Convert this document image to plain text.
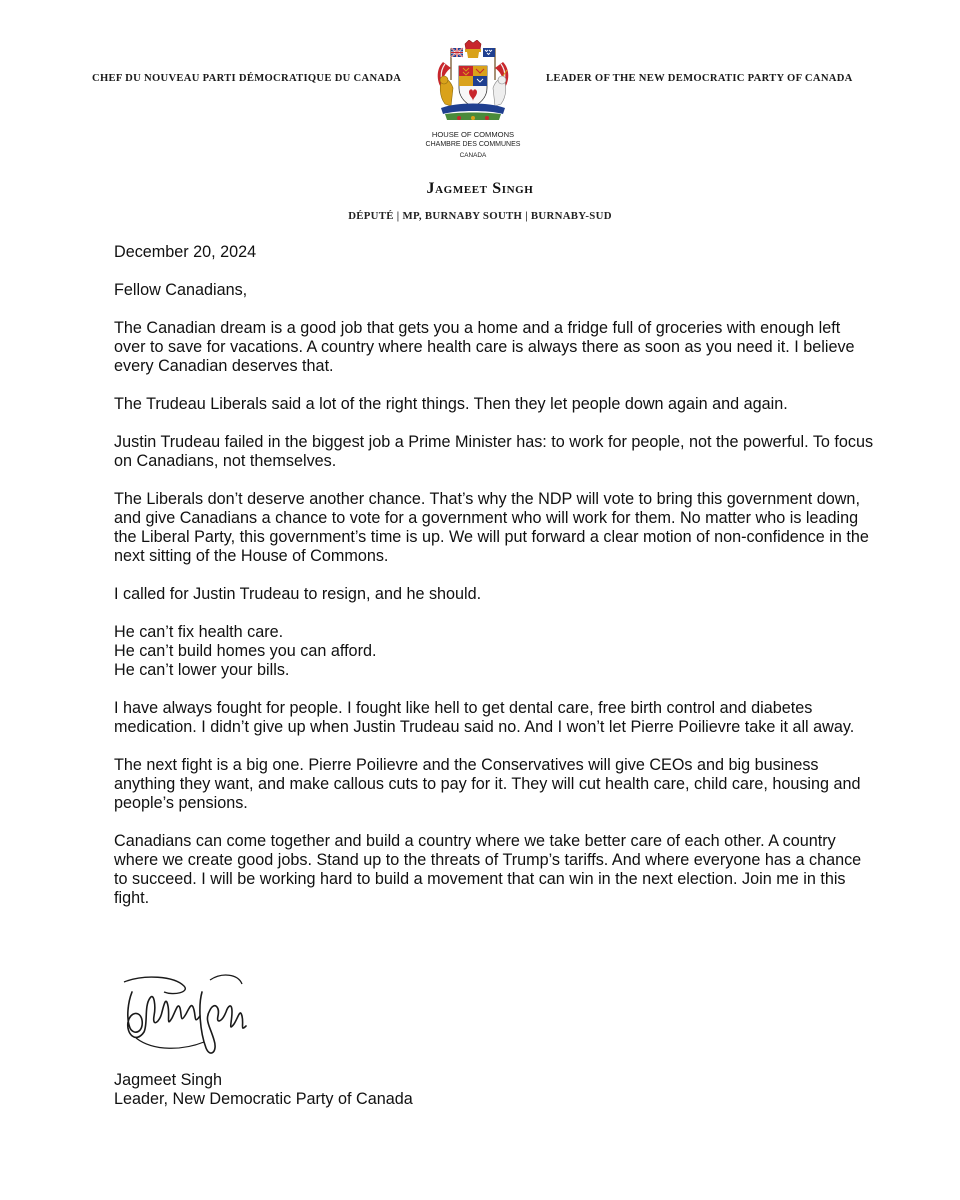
CHEF DU NOUVEAU PARTI DÉMOCRATIQUE DU CANADA	LEADER OF THE NEW DEMOCRATIC PARTY OF CANADA
HOUSE OF COMMONS
CHAMBRE DES COMMUNES
CANADA
Jagmeet Singh
DÉPUTÉ | MP, BURNABY SOUTH | BURNABY-SUD

December 20, 2024

Fellow Canadians,

The Canadian dream is a good job that gets you a home and a fridge full of groceries with enough left over to save for vacations. A country where health care is always there as soon as you need it. I believe every Canadian deserves that.

The Trudeau Liberals said a lot of the right things. Then they let people down again and again.

Justin Trudeau failed in the biggest job a Prime Minister has: to work for people, not the powerful. To focus on Canadians, not themselves.

The Liberals don’t deserve another chance. That’s why the NDP will vote to bring this government down, and give Canadians a chance to vote for a government who will work for them. No matter who is leading the Liberal Party, this government’s time is up. We will put forward a clear motion of non-confidence in the next sitting of the House of Commons.

I called for Justin Trudeau to resign, and he should.

He can’t fix health care.

He can’t build homes you can afford.

He can’t lower your bills.

I have always fought for people. I fought like hell to get dental care, free birth control and diabetes medication. I didn’t give up when Justin Trudeau said no. And I won’t let Pierre Poilievre take it all away.

The next fight is a big one. Pierre Poilievre and the Conservatives will give CEOs and big business anything they want, and make callous cuts to pay for it. They will cut health care, child care, housing and people’s pensions.

Canadians can come together and build a country where we take better care of each other. A country where we create good jobs. Stand up to the threats of Trump’s tariffs. And where everyone has a chance to succeed. I will be working hard to build a movement that can win in the next election. Join me in this fight.

Jagmeet Singh
Leader, New Democratic Party of Canada
